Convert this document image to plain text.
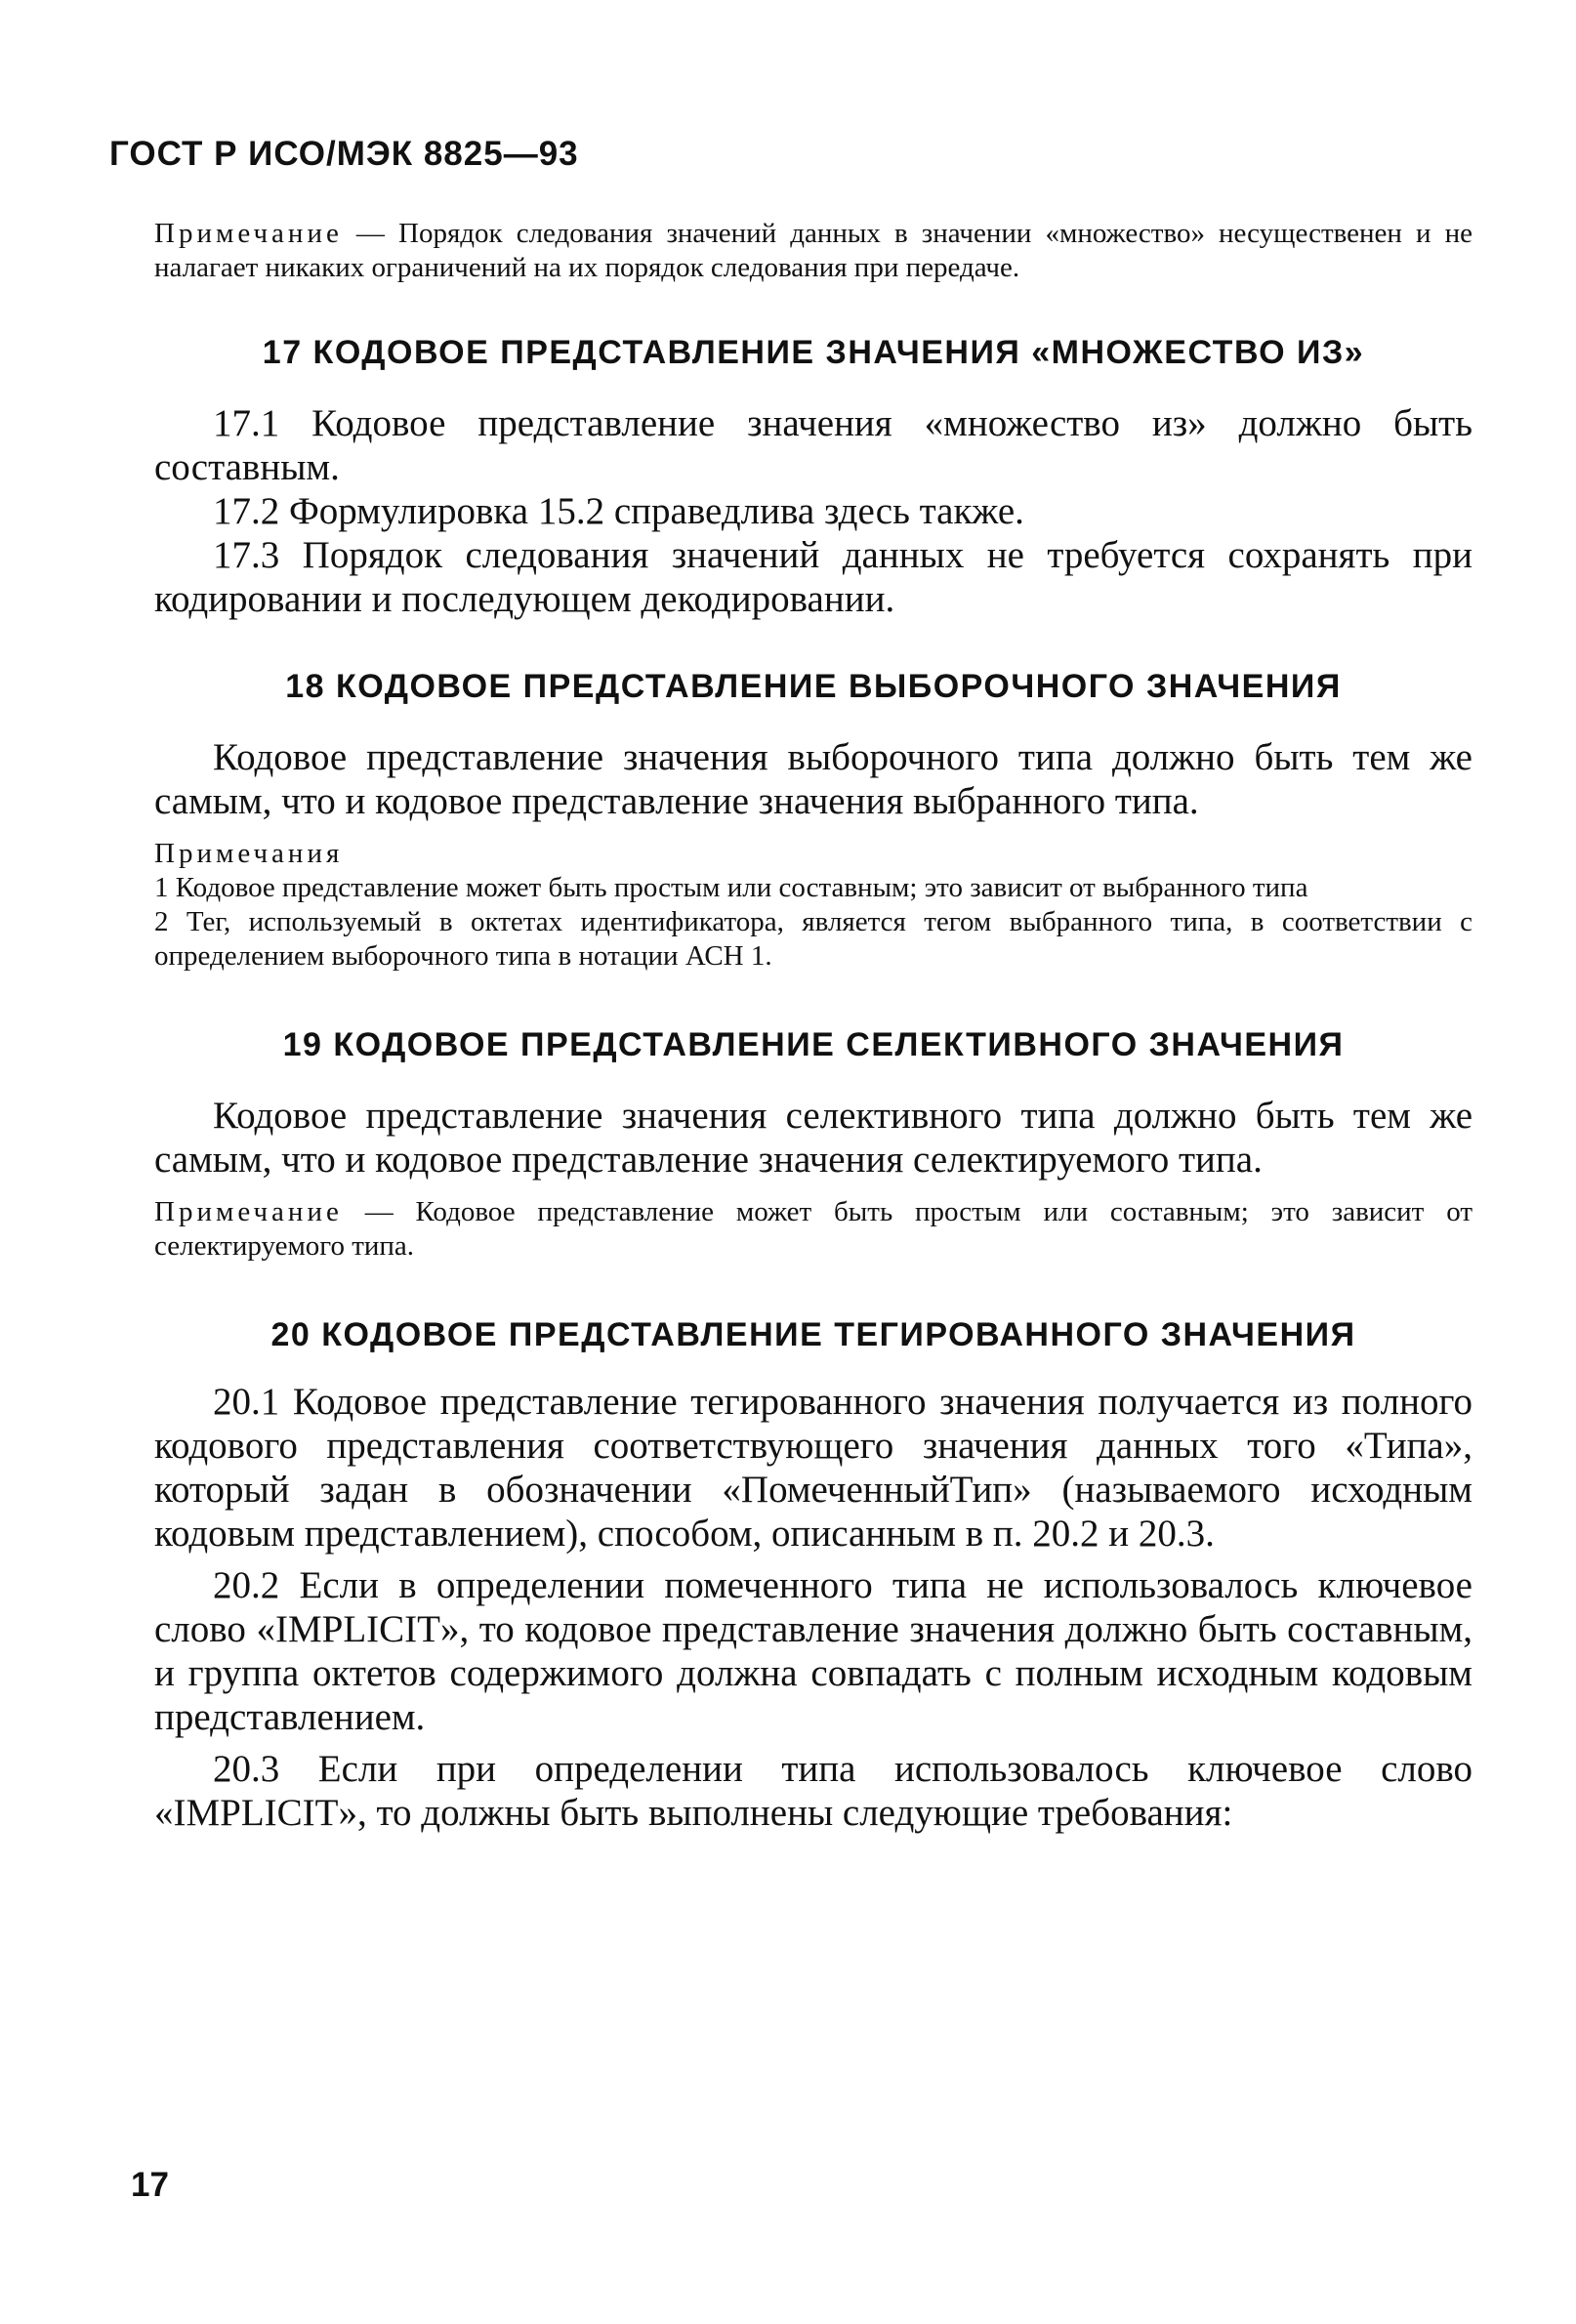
ГОСТ Р ИСО/МЭК 8825—93

Примечание — Порядок следования значений данных в значении «множество» несущественен и не налагает никаких ограничений на их порядок следования при передаче.

17 КОДОВОЕ ПРЕДСТАВЛЕНИЕ ЗНАЧЕНИЯ «МНОЖЕСТВО ИЗ»

17.1 Кодовое представление значения «множество из» должно быть составным.

17.2 Формулировка 15.2 справедлива здесь также.

17.3 Порядок следования значений данных не требуется сохранять при кодировании и последующем декодировании.

18 КОДОВОЕ ПРЕДСТАВЛЕНИЕ ВЫБОРОЧНОГО ЗНАЧЕНИЯ

Кодовое представление значения выборочного типа должно быть тем же самым, что и кодовое представление значения выбранного типа.

Примечания
1 Кодовое представление может быть простым или составным; это зависит от выбранного типа
2 Тег, используемый в октетах идентификатора, является тегом выбранного типа, в соответствии с определением выборочного типа в нотации АСН 1.

19 КОДОВОЕ ПРЕДСТАВЛЕНИЕ СЕЛЕКТИВНОГО ЗНАЧЕНИЯ

Кодовое представление значения селективного типа должно быть тем же самым, что и кодовое представление значения селектируемого типа.

Примечание — Кодовое представление может быть простым или составным; это зависит от селектируемого типа.

20 КОДОВОЕ ПРЕДСТАВЛЕНИЕ ТЕГИРОВАННОГО ЗНАЧЕНИЯ

20.1 Кодовое представление тегированного значения получается из полного кодового представления соответствующего значения данных того «Типа», который задан в обозначении «ПомеченныйТип» (называемого исходным кодовым представлением), способом, описанным в п. 20.2 и 20.3.

20.2 Если в определении помеченного типа не использовалось ключевое слово «IMPLICIT», то кодовое представление значения должно быть составным, и группа октетов содержимого должна совпадать с полным исходным кодовым представлением.

20.3 Если при определении типа использовалось ключевое слово «IMPLICIT», то должны быть выполнены следующие требования:

17
